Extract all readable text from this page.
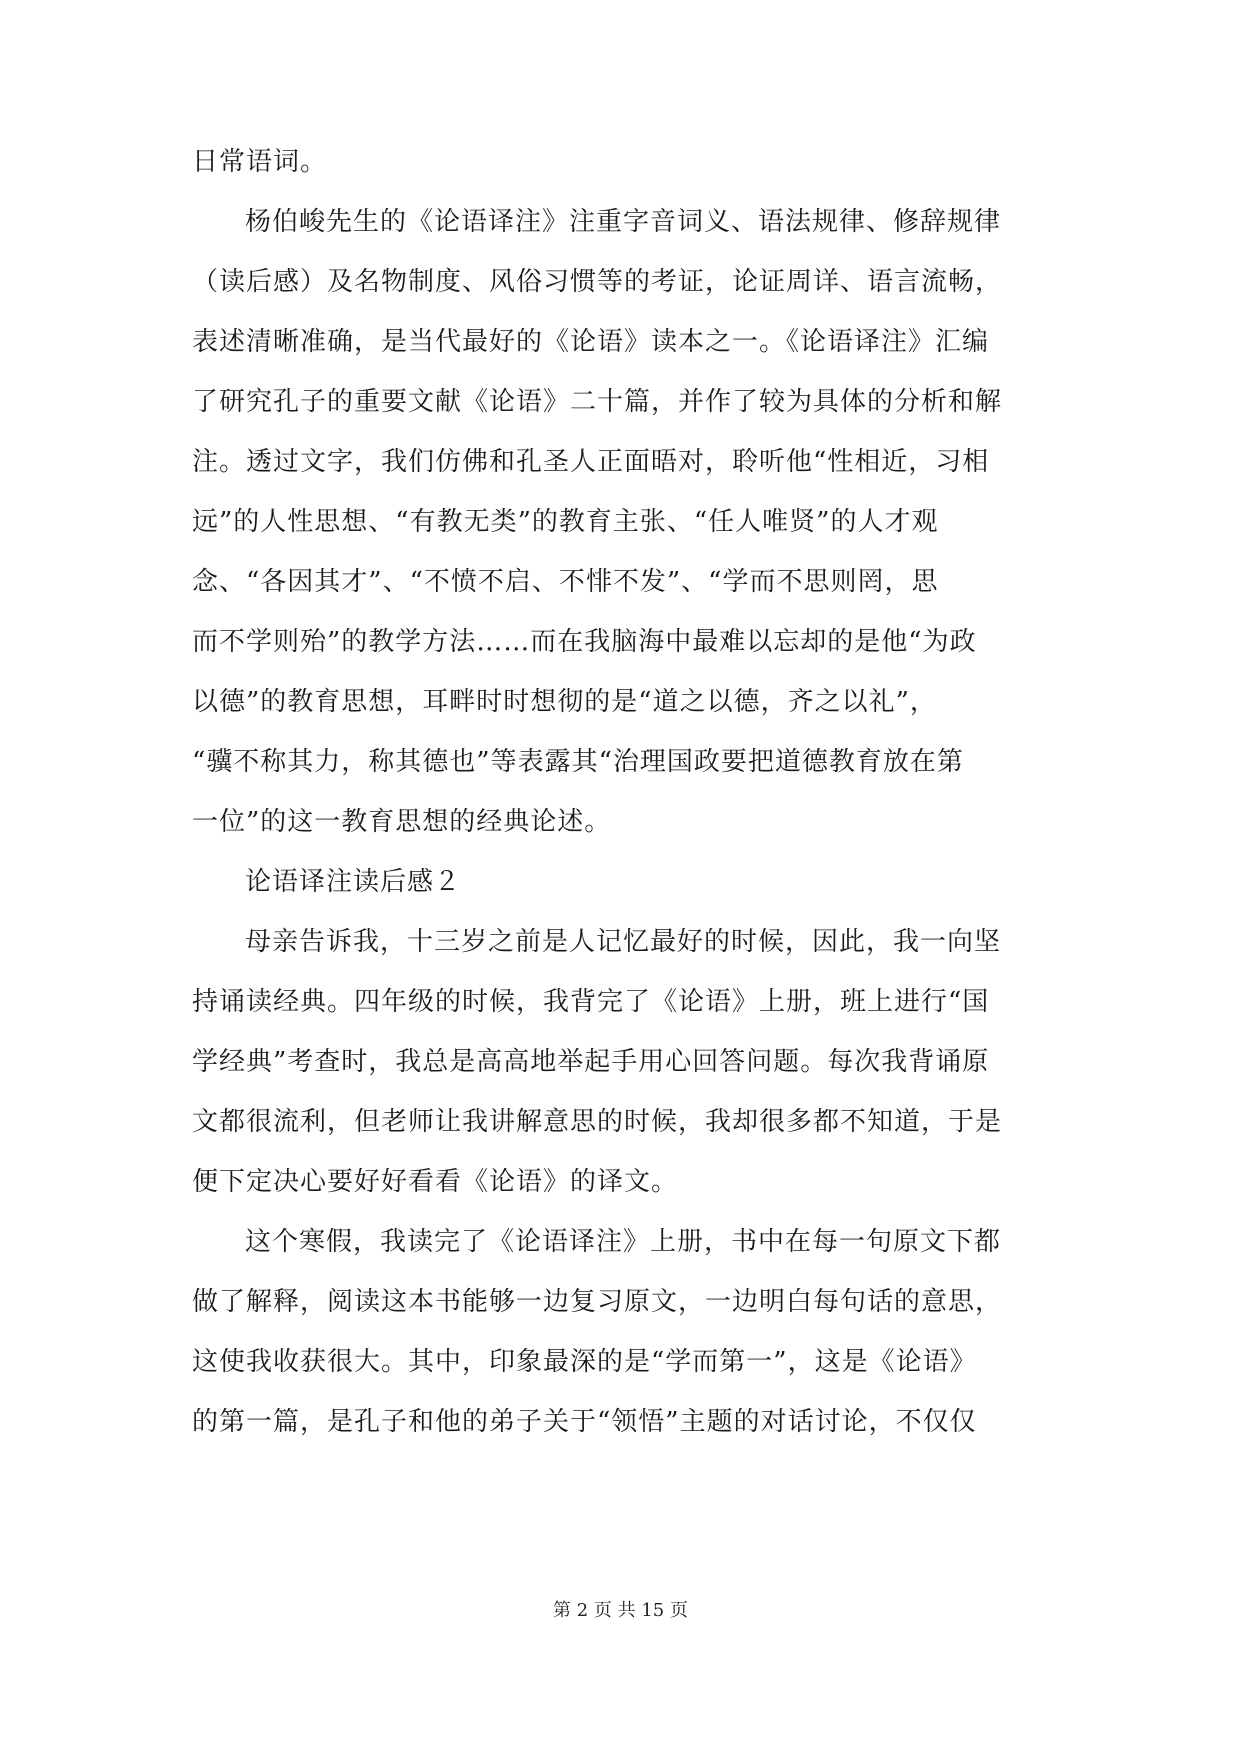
日常语词。
杨伯峻先生的《论语译注》注重字音词义、语法规律、修辞规律
（读后感）及名物制度、风俗习惯等的考证，论证周详、语言流畅，
表述清晰准确，是当代最好的《论语》读本之一。《论语译注》汇编
了研究孔子的重要文献《论语》二十篇，并作了较为具体的分析和解
注。透过文字，我们仿佛和孔圣人正面晤对，聆听他“性相近，习相
远”的人性思想、“有教无类”的教育主张、“任人唯贤”的人才观
念、“各因其才”、“不愤不启、不悱不发”、“学而不思则罔，思
而不学则殆”的教学方法……而在我脑海中最难以忘却的是他“为政
以德”的教育思想，耳畔时时想彻的是“道之以德，齐之以礼”，
“骥不称其力，称其德也”等表露其“治理国政要把道德教育放在第
一位”的这一教育思想的经典论述。
论语译注读后感２
母亲告诉我，十三岁之前是人记忆最好的时候，因此，我一向坚
持诵读经典。四年级的时候，我背完了《论语》上册，班上进行“国
学经典”考查时，我总是高高地举起手用心回答问题。每次我背诵原
文都很流利，但老师让我讲解意思的时候，我却很多都不知道，于是
便下定决心要好好看看《论语》的译文。
这个寒假，我读完了《论语译注》上册，书中在每一句原文下都
做了解释，阅读这本书能够一边复习原文，一边明白每句话的意思，
这使我收获很大。其中，印象最深的是“学而第一”，这是《论语》
的第一篇，是孔子和他的弟子关于“领悟”主题的对话讨论，不仅仅
第 2 页 共 15 页
